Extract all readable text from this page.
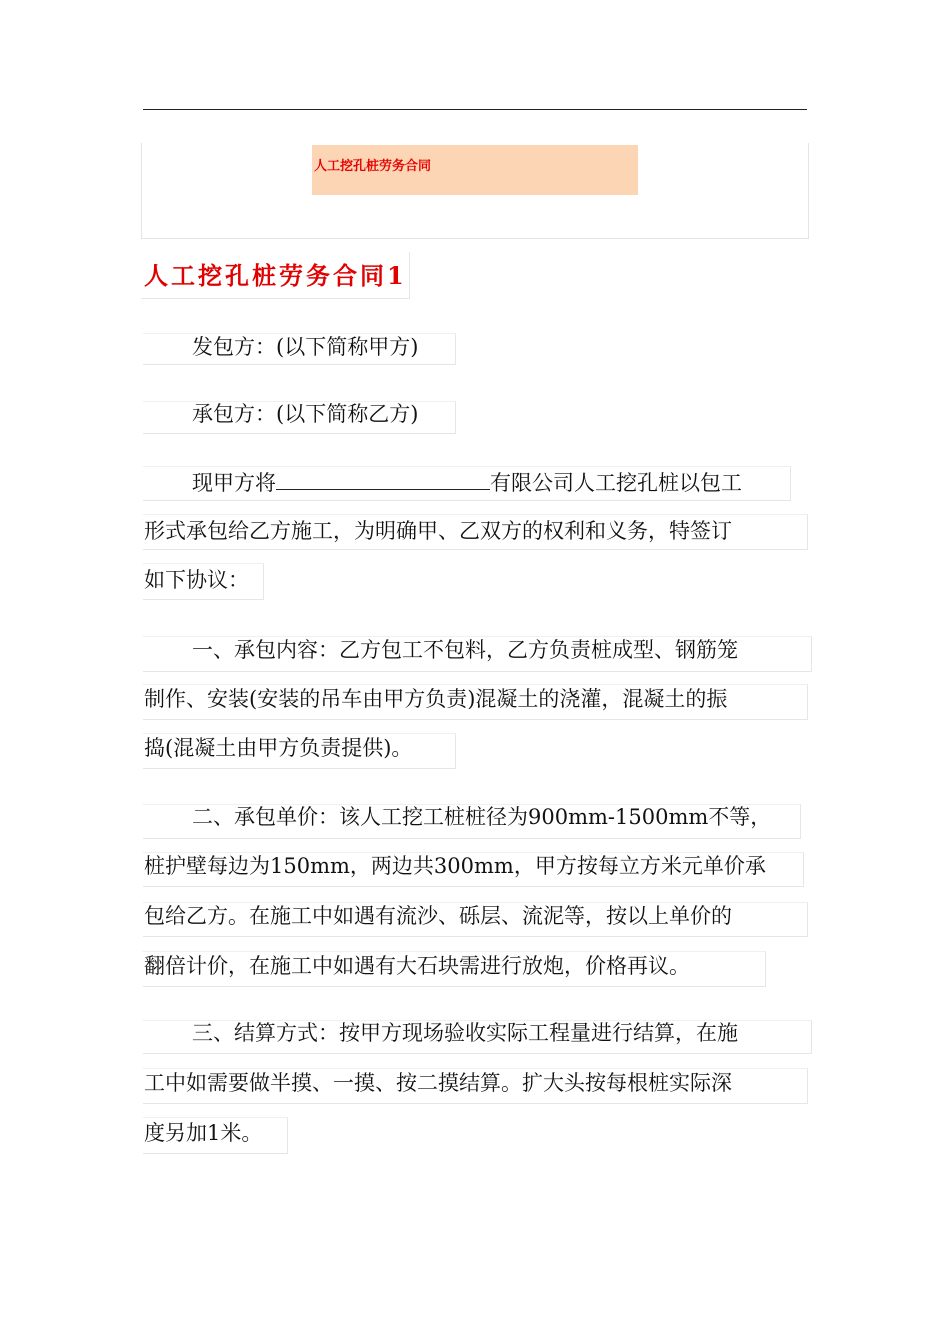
人工挖孔桩劳务合同
人工挖孔桩劳务合同1
发包方：(以下简称甲方)
承包方：(以下简称乙方)
现甲方将	有限公司人工挖孔桩以包工
形式承包给乙方施工，为明确甲、乙双方的权利和义务，特签订
如下协议：
一、承包内容：乙方包工不包料，乙方负责桩成型、钢筋笼
制作、安装(安装的吊车由甲方负责)混凝土的浇灌，混凝土的振
捣(混凝土由甲方负责提供)。
二、承包单价：该人工挖工桩桩径为900mm-1500mm不等，
桩护壁每边为150mm，两边共300mm，甲方按每立方米元单价承
包给乙方。在施工中如遇有流沙、砾层、流泥等，按以上单价的
翻倍计价，在施工中如遇有大石块需进行放炮，价格再议。
三、结算方式：按甲方现场验收实际工程量进行结算，在施
工中如需要做半摸、一摸、按二摸结算。扩大头按每根桩实际深
度另加1米。
